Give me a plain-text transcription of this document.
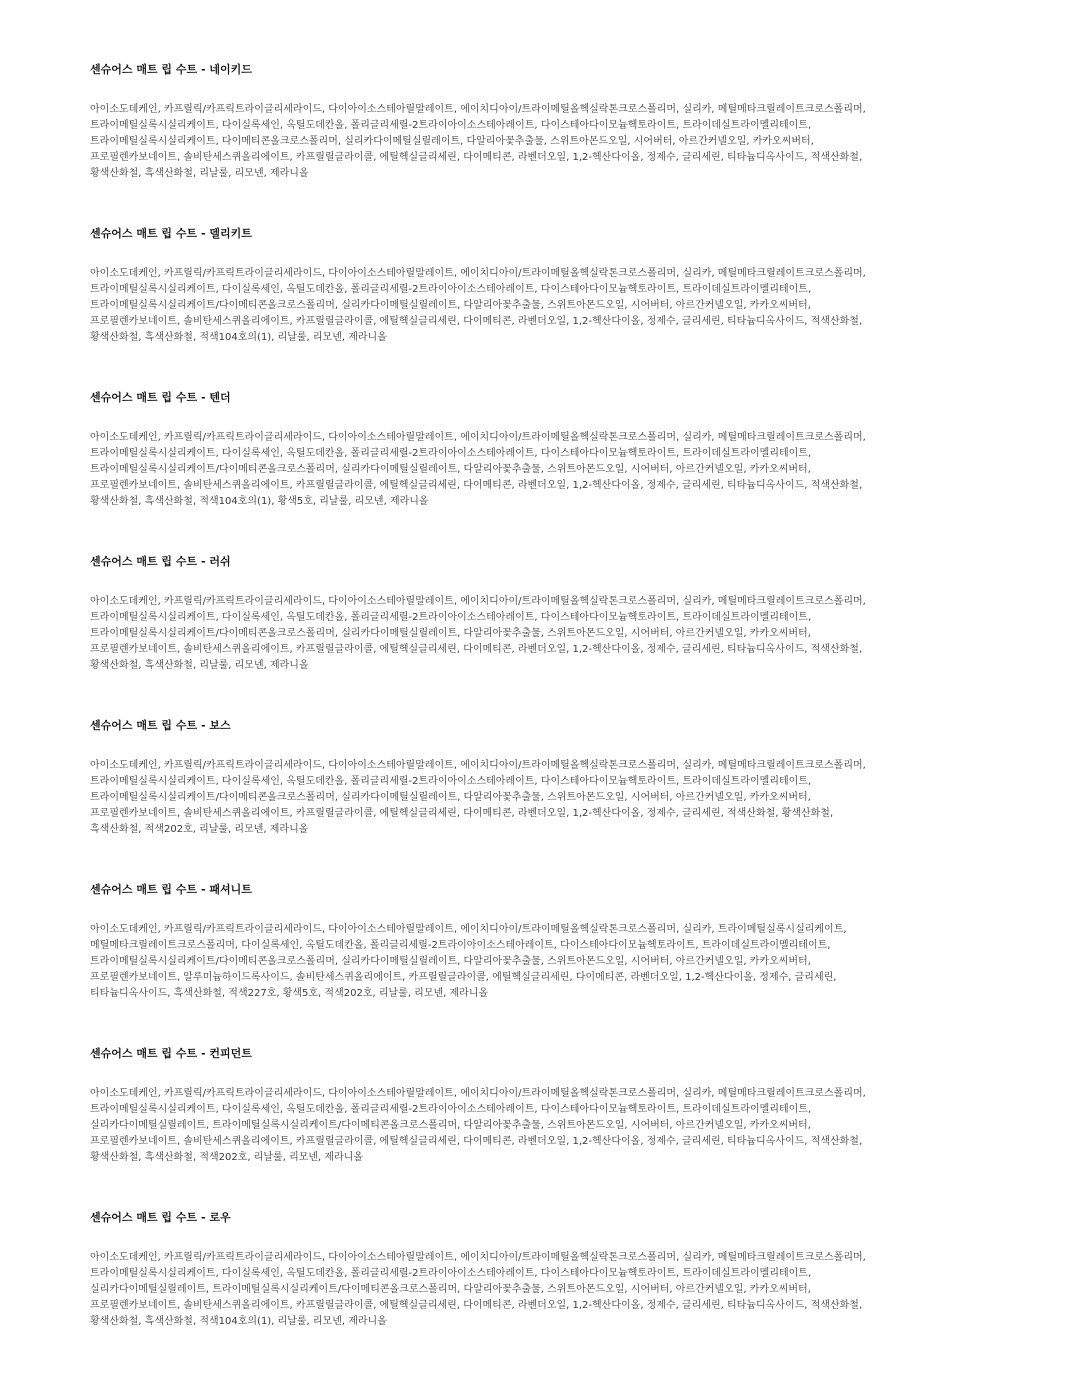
센슈어스 매트 립 수트 - 네이키드
아이소도데케인, 카프릴릭/카프릭트라이글리세라이드, 다이아이소스테아릴말레이트, 에이치디아이/트라이메틸올헥실락톤크로스폴리머, 실리카, 메틸메타크릴레이트크로스폴리머,
트라이메틸실록시실리케이트, 다이실록세인, 옥틸도데칸올, 폴리글리세릴-2트라이아이소스테아레이트, 다이스테아다이모늄헥토라이트, 트라이데실트라이멜리테이트,
트라이메틸실록시실리케이트, 다이메티콘올크로스폴리머, 실리카다이메틸실릴레이트, 다알리아꽃추출물, 스위트아몬드오일, 시어버터, 아르간커넬오일, 카카오씨버터,
프로필렌카보네이트, 솔비탄세스퀴올리에이트, 카프릴릴글라이콜, 에틸헥실글리세린, 다이메티콘, 라벤더오일, 1,2-헥산다이올, 정제수, 글리세린, 티타늄디옥사이드, 적색산화철,
황색산화철, 흑색산화철, 리날룰, 리모넨, 제라니올
센슈어스 매트 립 수트 - 델리키트
아이소도데케인, 카프릴릭/카프릭트라이글리세라이드, 다이아이소스테아릴말레이트, 에이치디아이/트라이메틸올헥실락톤크로스폴리머, 실리카, 메틸메타크릴레이트크로스폴리머,
트라이메틸실록시실리케이트, 다이실록세인, 옥틸도데칸올, 폴리글리세릴-2트라이아이소스테아레이트, 다이스테아다이모늄헥토라이트, 트라이데실트라이멜리테이트,
트라이메틸실록시실리케이트/다이메티콘올크로스폴리머, 실리카다이메틸실릴레이트, 다알리아꽃추출물, 스위트아몬드오일, 시어버터, 아르간커넬오일, 카카오씨버터,
프로필렌카보네이트, 솔비탄세스퀴올리에이트, 카프릴릴글라이콜, 에틸헥실글리세린, 다이메티콘, 라벤더오일, 1,2-헥산다이올, 정제수, 글리세린, 티타늄디옥사이드, 적색산화철,
황색산화철, 흑색산화철, 적색104호의(1), 리날룰, 리모넨, 제라니올
센슈어스 매트 립 수트 - 텐더
아이소도데케인, 카프릴릭/카프릭트라이글리세라이드, 다이아이소스테아릴말레이트, 에이치디아이/트라이메틸올헥실락톤크로스폴리머, 실리카, 메틸메타크릴레이트크로스폴리머,
트라이메틸실록시실리케이트, 다이실록세인, 옥틸도데칸올, 폴리글리세릴-2트라이아이소스테아레이트, 다이스테아다이모늄헥토라이트, 트라이데실트라이멜리테이트,
트라이메틸실록시실리케이트/다이메티콘올크로스폴리머, 실리카다이메틸실릴레이트, 다알리아꽃추출물, 스위트아몬드오일, 시어버터, 아르간커넬오일, 카카오씨버터,
프로필렌카보네이트, 솔비탄세스퀴올리에이트, 카프릴릴글라이콜, 에틸헥실글리세린, 다이메티콘, 라벤더오일, 1,2-헥산다이올, 정제수, 글리세린, 티타늄디옥사이드, 적색산화철,
황색산화철, 흑색산화철, 적색104호의(1), 황색5호, 리날룰, 리모넨, 제라니올
센슈어스 매트 립 수트 - 러쉬
아이소도데케인, 카프릴릭/카프릭트라이글리세라이드, 다이아이소스테아릴말레이트, 에이치디아이/트라이메틸올헥실락톤크로스폴리머, 실리카, 메틸메타크릴레이트크로스폴리머,
트라이메틸실록시실리케이트, 다이실록세인, 옥틸도데칸올, 폴리글리세릴-2트라이아이소스테아레이트, 다이스테아다이모늄헥토라이트, 트라이데실트라이멜리테이트,
트라이메틸실록시실리케이트/다이메티콘올크로스폴리머, 실리카다이메틸실릴레이트, 다알리아꽃추출물, 스위트아몬드오일, 시어버터, 아르간커넬오일, 카카오씨버터,
프로필렌카보네이트, 솔비탄세스퀴올리에이트, 카프릴릴글라이콜, 에틸헥실글리세린, 다이메티콘, 라벤더오일, 1,2-헥산다이올, 정제수, 글리세린, 티타늄디옥사이드, 적색산화철,
황색산화철, 흑색산화철, 리날룰, 리모넨, 제라니올
센슈어스 매트 립 수트 - 보스
아이소도데케인, 카프릴릭/카프릭트라이글리세라이드, 다이아이소스테아릴말레이트, 에이치디아이/트라이메틸올헥실락톤크로스폴리머, 실리카, 메틸메타크릴레이트크로스폴리머,
트라이메틸실록시실리케이트, 다이실록세인, 옥틸도데칸올, 폴리글리세릴-2트라이아이소스테아레이트, 다이스테아다이모늄헥토라이트, 트라이데실트라이멜리테이트,
트라이메틸실록시실리케이트/다이메티콘올크로스폴리머, 실리카다이메틸실릴레이트, 다알리아꽃추출물, 스위트아몬드오일, 시어버터, 아르간커넬오일, 카카오씨버터,
프로필렌카보네이트, 솔비탄세스퀴올리에이트, 카프릴릴글라이콜, 에틸헥실글리세린, 다이메티콘, 라벤더오일, 1,2-헥산다이올, 정제수, 글리세린, 적색산화철, 황색산화철,
흑색산화철, 적색202호, 리날룰, 리모넨, 제라니올
센슈어스 매트 립 수트 - 패셔니트
아이소도데케인, 카프릴릭/카프릭트라이글리세라이드, 다이아이소스테아릴말레이트, 에이치디아이/트라이메틸올헥실락톤크로스폴리머, 실리카, 트라이메틸실록시실리케이트,
메틸메타크릴레이트크로스폴리머, 다이실록세인, 옥틸도데칸올, 폴리글리세릴-2트라이아이소스테아레이트, 다이스테아다이모늄헥토라이트, 트라이데실트라이멜리테이트,
트라이메틸실록시실리케이트/다이메티콘올크로스폴리머, 실리카다이메틸실릴레이트, 다알리아꽃추출물, 스위트아몬드오일, 시어버터, 아르간커넬오일, 카카오씨버터,
프로필렌카보네이트, 알루미늄하이드록사이드, 솔비탄세스퀴올리에이트, 카프릴릴글라이콜, 에틸헥실글리세린, 다이메티콘, 라벤더오일, 1,2-헥산다이올, 정제수, 글리세린,
티타늄디옥사이드, 흑색산화철, 적색227호, 황색5호, 적색202호, 리날룰, 리모넨, 제라니올
센슈어스 매트 립 수트 - 컨피던트
아이소도데케인, 카프릴릭/카프릭트라이글리세라이드, 다이아이소스테아릴말레이트, 에이치디아이/트라이메틸올헥실락톤크로스폴리머, 실리카, 메틸메타크릴레이트크로스폴리머,
트라이메틸실록시실리케이트, 다이실록세인, 옥틸도데칸올, 폴리글리세릴-2트라이아이소스테아레이트, 다이스테아다이모늄헥토라이트, 트라이데실트라이멜리테이트,
실리카다이메틸실릴레이트, 트라이메틸실록시실리케이트/다이메티콘올크로스폴리머, 다알리아꽃추출물, 스위트아몬드오일, 시어버터, 아르간커넬오일, 카카오씨버터,
프로필렌카보네이트, 솔비탄세스퀴올리에이트, 카프릴릴글라이콜, 에틸헥실글리세린, 다이메티콘, 라벤더오일, 1,2-헥산다이올, 정제수, 글리세린, 티타늄디옥사이드, 적색산화철,
황색산화철, 흑색산화철, 적색202호, 리날룰, 리모넨, 제라니올
센슈어스 매트 립 수트 - 로우
아이소도데케인, 카프릴릭/카프릭트라이글리세라이드, 다이아이소스테아릴말레이트, 에이치디아이/트라이메틸올헥실락톤크로스폴리머, 실리카, 메틸메타크릴레이트크로스폴리머,
트라이메틸실록시실리케이트, 다이실록세인, 옥틸도데칸올, 폴리글리세릴-2트라이아이소스테아레이트, 다이스테아다이모늄헥토라이트, 트라이데실트라이멜리테이트,
실리카다이메틸실릴레이트, 트라이메틸실록시실리케이트/다이메티콘올크로스폴리머, 다알리아꽃추출물, 스위트아몬드오일, 시어버터, 아르간커넬오일, 카카오씨버터,
프로필렌카보네이트, 솔비탄세스퀴올리에이트, 카프릴릴글라이콜, 에틸헥실글리세린, 다이메티콘, 라벤더오일, 1,2-헥산다이올, 정제수, 글리세린, 티타늄디옥사이드, 적색산화철,
황색산화철, 흑색산화철, 적색104호의(1), 리날룰, 리모넨, 제라니올
